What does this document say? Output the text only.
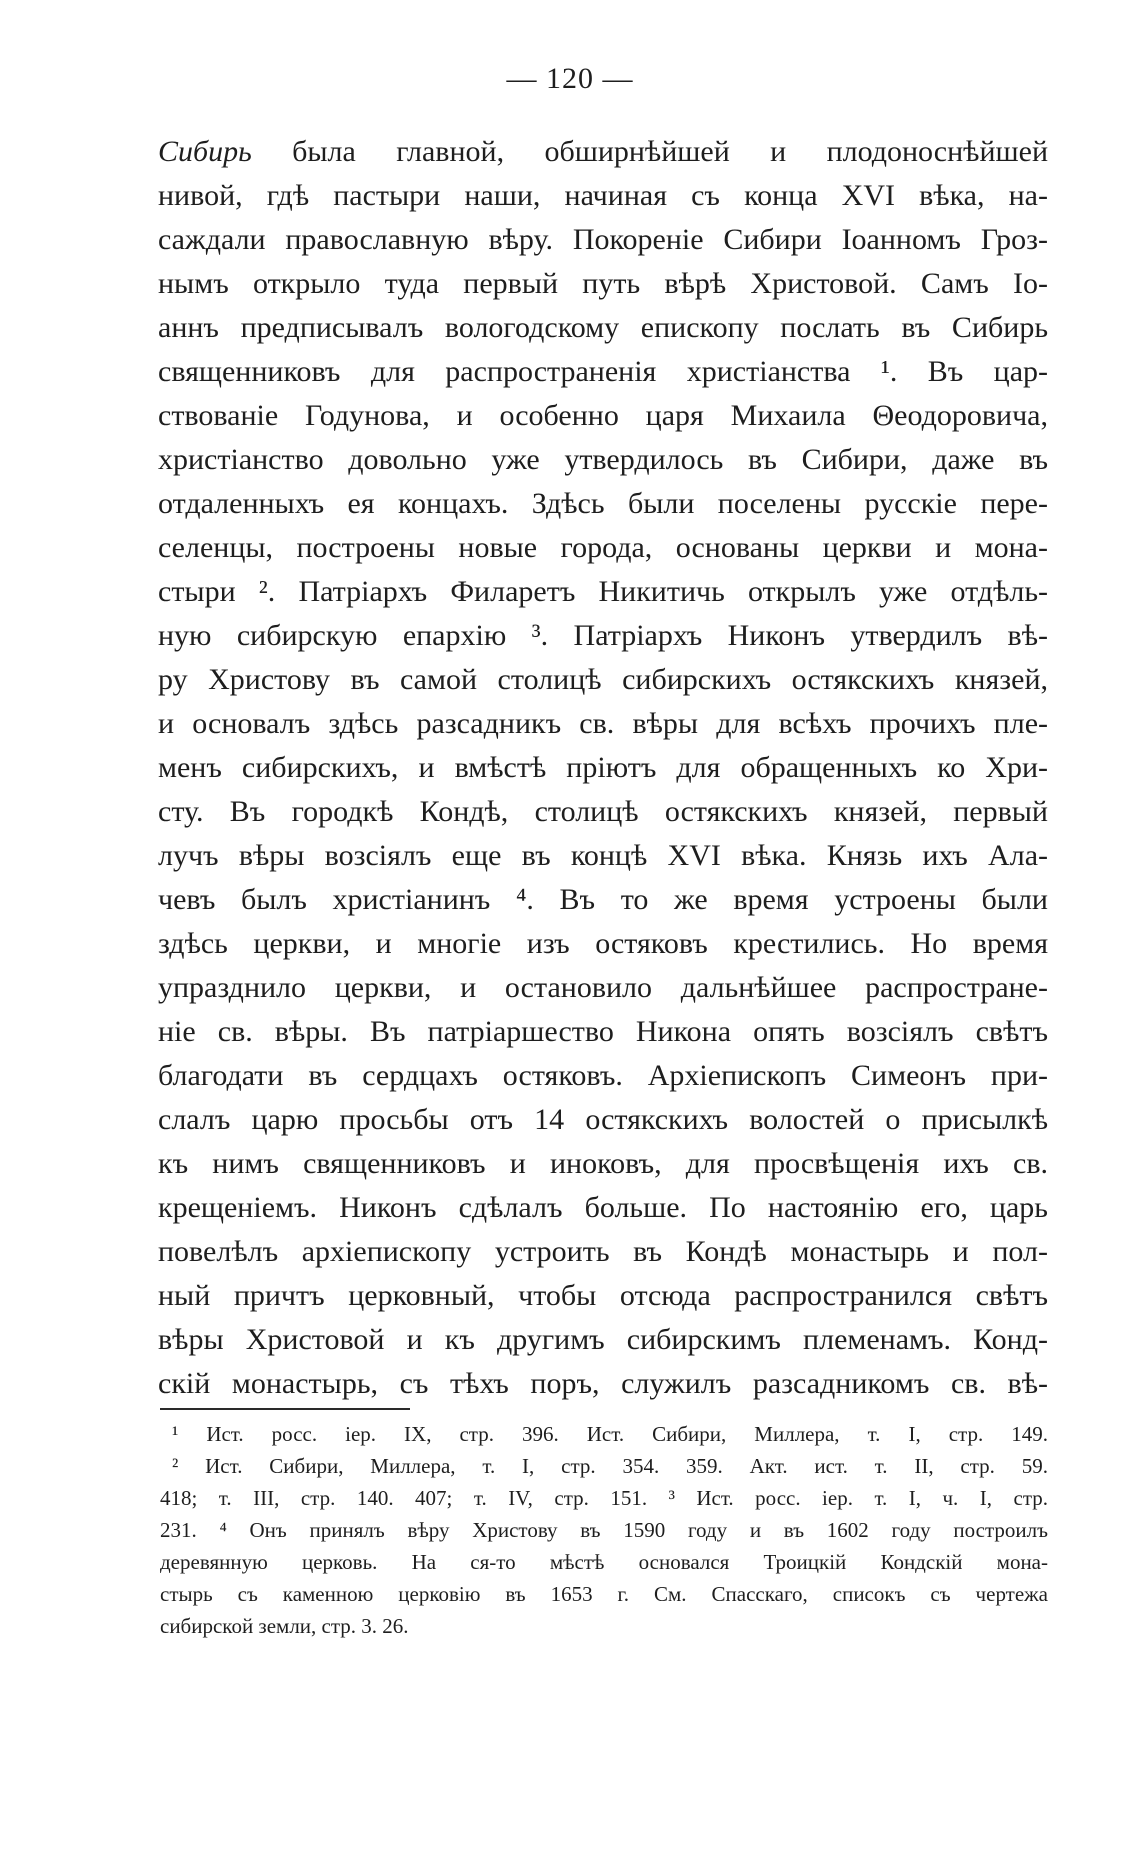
— 120 —
Сибирь была главной, обширнѣйшей и плодоноснѣйшей
нивой, гдѣ пастыри наши, начиная съ конца XVI вѣка, на-
саждали православную вѣру. Покореніе Сибири Іоанномъ Гроз-
нымъ открыло туда первый путь вѣрѣ Христовой. Самъ Іо-
аннъ предписывалъ вологодскому епископу послать въ Сибирь
священниковъ для распространенія христіанства ¹. Въ цар-
ствованіе Годунова, и особенно царя Михаила Θеодоровича,
христіанство довольно уже утвердилось въ Сибири, даже въ
отдаленныхъ ея концахъ. Здѣсь были поселены русскіе пере-
селенцы, построены новые города, основаны церкви и мона-
стыри ². Патріархъ Филаретъ Никитичь открылъ уже отдѣль-
ную сибирскую епархію ³. Патріархъ Никонъ утвердилъ вѣ-
ру Христову въ самой столицѣ сибирскихъ остякскихъ князей,
и основалъ здѣсь разсадникъ св. вѣры для всѣхъ прочихъ пле-
менъ сибирскихъ, и вмѣстѣ пріютъ для обращенныхъ ко Хри-
сту. Въ городкѣ Кондѣ, столицѣ остякскихъ князей, первый
лучъ вѣры возсіялъ еще въ концѣ XVI вѣка. Князь ихъ Ала-
чевъ былъ христіанинъ ⁴. Въ то же время устроены были
здѣсь церкви, и многіе изъ остяковъ крестились. Но время
упразднило церкви, и остановило дальнѣйшее распростране-
ніе св. вѣры. Въ патріаршество Никона опять возсіялъ свѣтъ
благодати въ сердцахъ остяковъ. Архіепископъ Симеонъ при-
слалъ царю просьбы отъ 14 остякскихъ волостей о присылкѣ
къ нимъ священниковъ и иноковъ, для просвѣщенія ихъ св.
крещеніемъ. Никонъ сдѣлалъ больше. По настоянію его, царь
повелѣлъ архіепископу устроить въ Кондѣ монастырь и пол-
ный причтъ церковный, чтобы отсюда распространился свѣтъ
вѣры Христовой и къ другимъ сибирскимъ племенамъ. Конд-
скій монастырь, съ тѣхъ поръ, служилъ разсадникомъ св. вѣ-
¹ Ист. росс. іер. IX, стр. 396. Ист. Сибири, Миллера, т. I, стр. 149.
² Ист. Сибири, Миллера, т. I, стр. 354. 359. Акт. ист. т. II, стр. 59.
418; т. III, стр. 140. 407; т. IV, стр. 151. ³ Ист. росс. іер. т. I, ч. I, стр.
231. ⁴ Онъ принялъ вѣру Христову въ 1590 году и въ 1602 году построилъ
деревянную церковь. На ся-то мѣстѣ основался Троицкій Кондскій мона-
стырь съ каменною церковію въ 1653 г. См. Спасскаго, списокъ съ чертежа
сибирской земли, стр. 3. 26.
